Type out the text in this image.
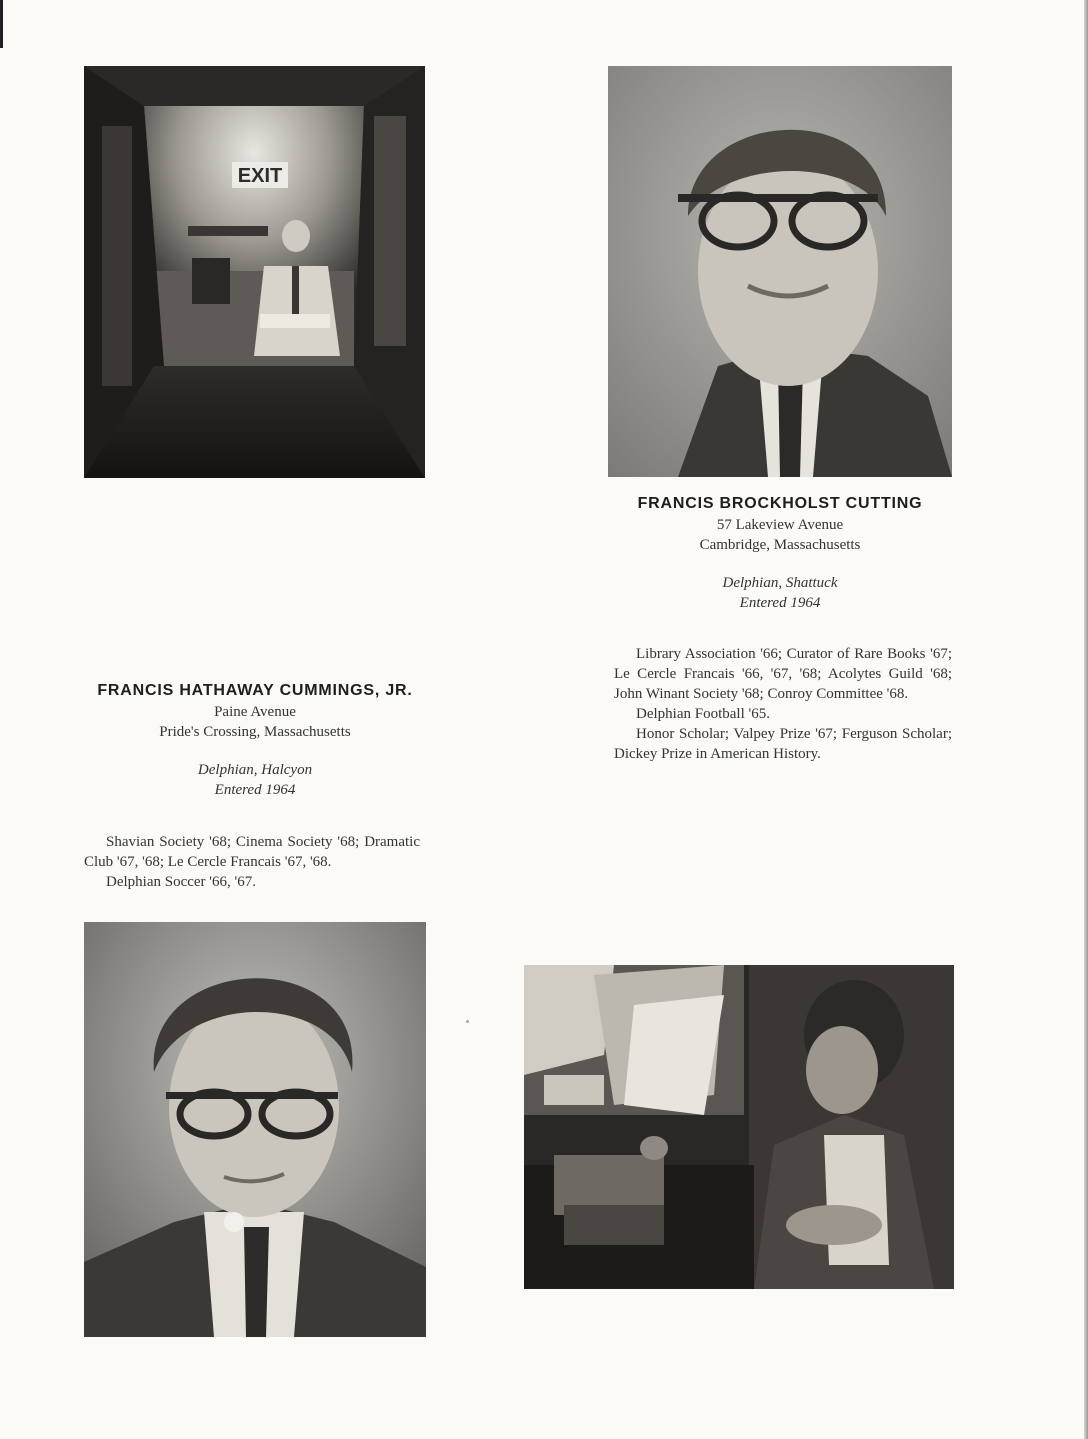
EXIT
FRANCIS BROCKHOLST CUTTING
57 Lakeview Avenue
Cambridge, Massachusetts
Delphian, Shattuck
Entered 1964

Library Association '66; Curator of Rare Books '67; Le Cercle Francais '66, '67, '68; Acolytes Guild '68; John Winant Society '68; Conroy Committee '68.

Delphian Football '65.

Honor Scholar; Valpey Prize '67; Ferguson Scholar; Dickey Prize in American History.

FRANCIS HATHAWAY CUMMINGS, JR.
Paine Avenue
Pride's Crossing, Massachusetts
Delphian, Halcyon
Entered 1964

Shavian Society '68; Cinema Society '68; Dramatic Club '67, '68; Le Cercle Francais '67, '68.

Delphian Soccer '66, '67.
